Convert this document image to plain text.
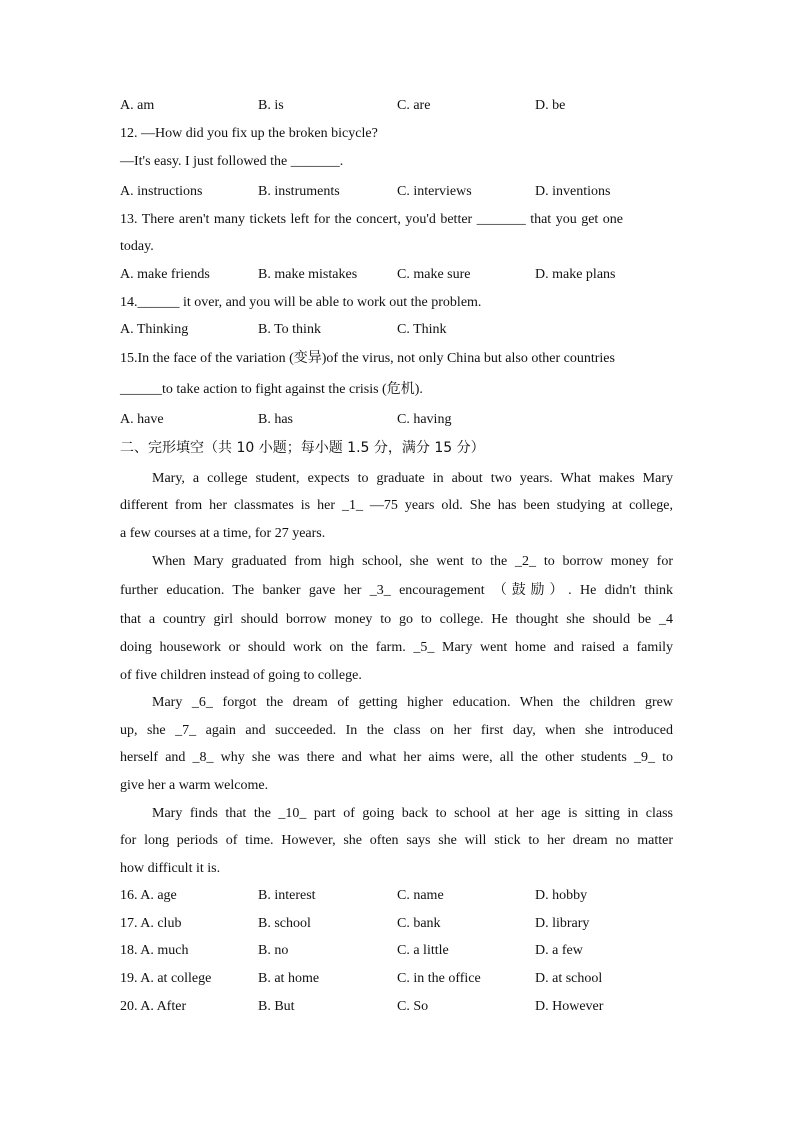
A. am	B. is	C. are	D. be
12. —How did you fix up the broken bicycle?
—It's easy. I just followed the _______.
A. instructions	B. instruments	C. interviews	D. inventions
13. There aren't many tickets left for the concert, you'd better _______ that you get one
today.
A. make friends	B. make mistakes	C. make sure	D. make plans
14.______ it over, and you will be able to work out the problem.
A. Thinking	B. To think	C. Think
15.In the face of the variation (变异)of the virus, not only China but also other countries
______to take action to fight against the crisis (危机).
A. have	B. has	C. having
二、完形填空（共 10 小题；每小题 1.5 分，满分 15 分）
Mary, a college student, expects to graduate in about two years. What makes Mary
different from her classmates is her _1_ —75 years old. She has been studying at college,
a few courses at a time, for 27 years.
When Mary graduated from high school, she went to the _2_ to borrow money for
further education. The banker gave her _3_ encouragement （鼓励）. He didn't think
that a country girl should borrow money to go to college. He thought she should be _4
doing housework or should work on the farm. _5_ Mary went home and raised a family
of five children instead of going to college.
Mary _6_ forgot the dream of getting higher education. When the children grew
up, she _7_ again and succeeded. In the class on her first day, when she introduced
herself and _8_ why she was there and what her aims were, all the other students _9_ to
give her a warm welcome.
Mary finds that the _10_ part of going back to school at her age is sitting in class
for long periods of time. However, she often says she will stick to her dream no matter
how difficult it is.
16. A. age	B. interest	C. name	D. hobby
17. A. club	B. school	C. bank	D. library
18. A. much	B. no	C. a little	D. a few
19. A. at college	B. at home	C. in the office	D. at school
20. A. After	B. But	C. So	D. However
